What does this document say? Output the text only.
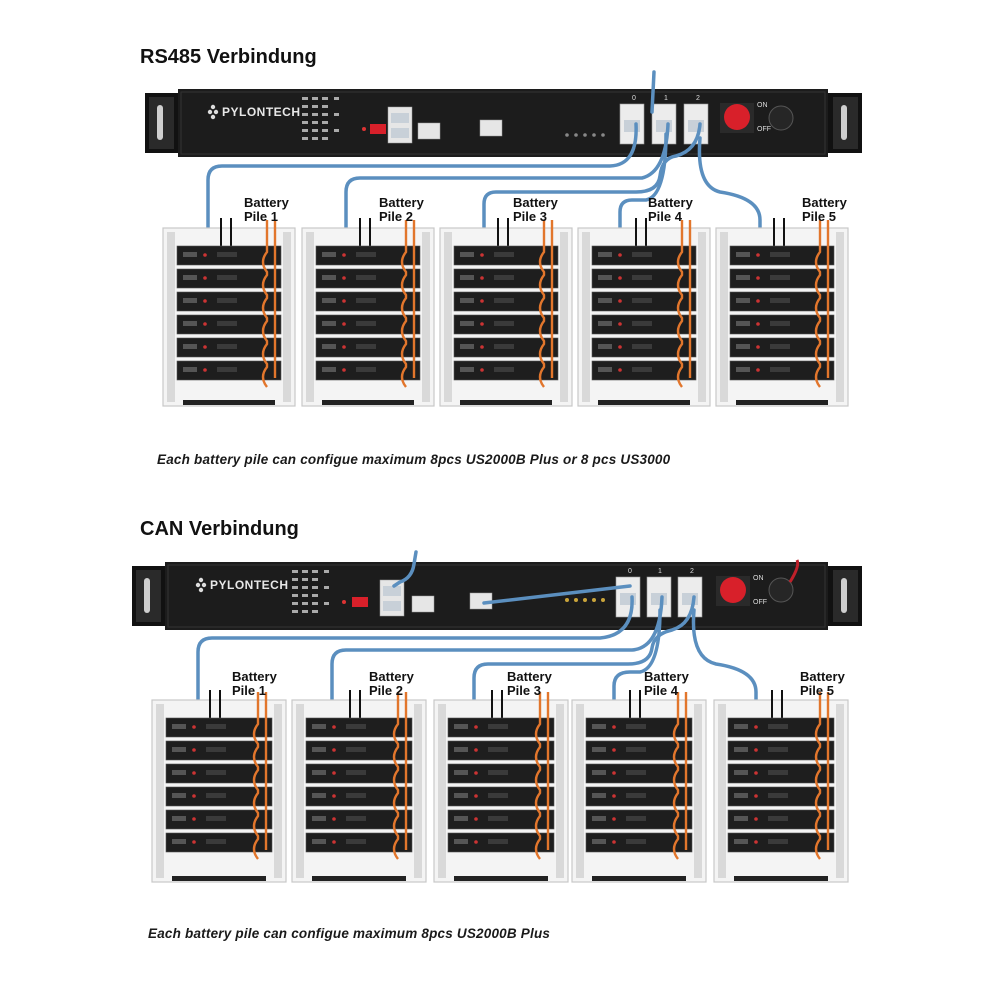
RS485 Verbindung
PYLONTECH
0	1	2
ON
OFF
Battery
Pile 1
Battery
Pile 2
Battery
Pile 3
Battery
Pile 4
Battery
Pile 5
Each battery pile can configue maximum 8pcs US2000B Plus or 8 pcs US3000
CAN Verbindung
PYLONTECH
0	1	2
ON
OFF
Battery
Pile 1
Battery
Pile 2
Battery
Pile 3
Battery
Pile 4
Battery
Pile 5
Each battery pile can configue maximum 8pcs US2000B Plus
